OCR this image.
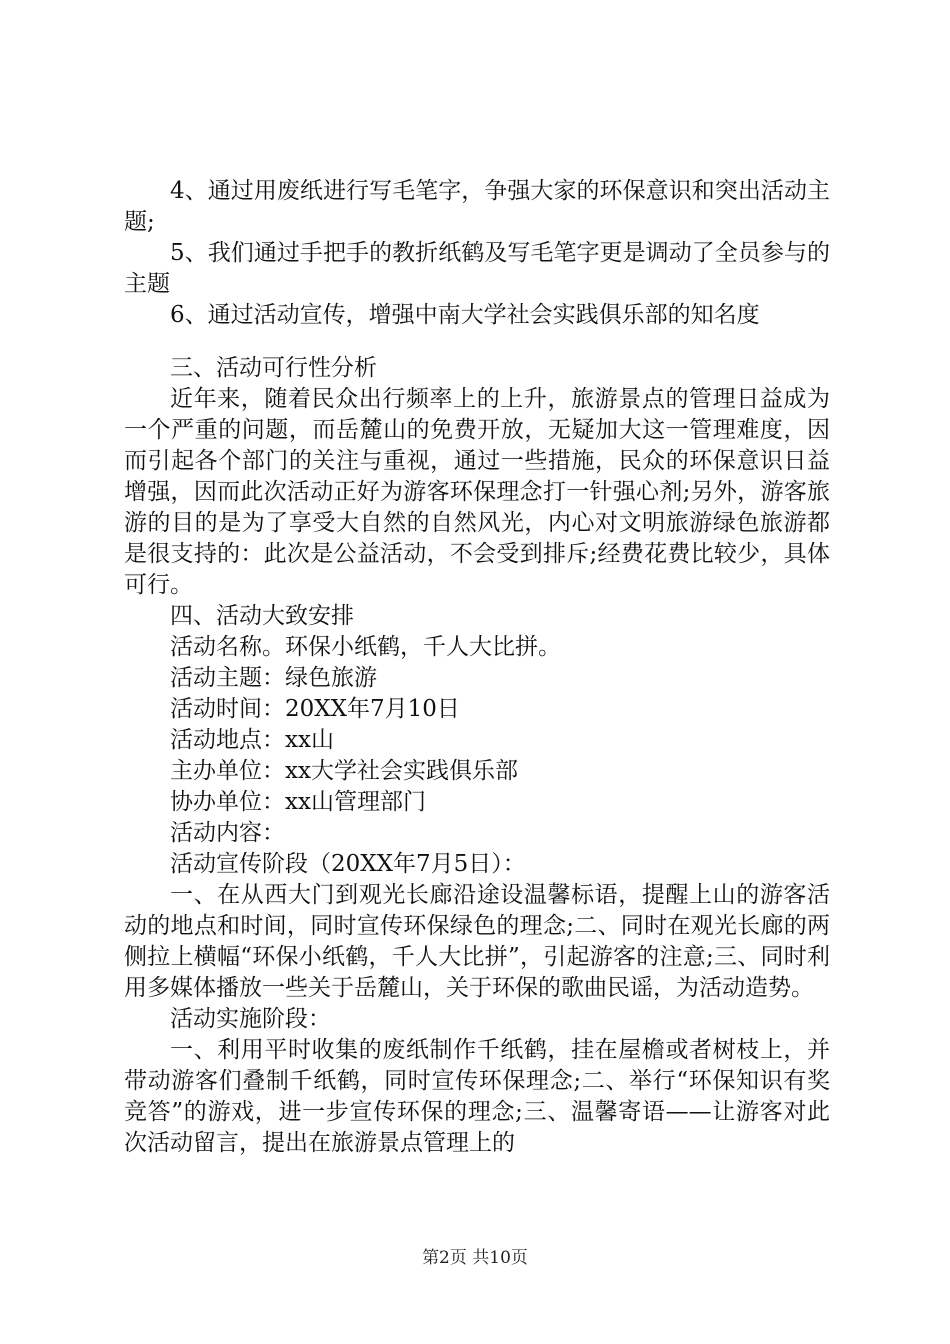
4、通过用废纸进行写毛笔字，争强大家的环保意识和突出活动主题;

5、我们通过手把手的教折纸鹤及写毛笔字更是调动了全员参与的主题

6、通过活动宣传，增强中南大学社会实践俱乐部的知名度

三、活动可行性分析

近年来，随着民众出行频率上的上升，旅游景点的管理日益成为一个严重的问题，而岳麓山的免费开放，无疑加大这一管理难度，因而引起各个部门的关注与重视，通过一些措施，民众的环保意识日益增强，因而此次活动正好为游客环保理念打一针强心剂;另外，游客旅游的目的是为了享受大自然的自然风光，内心对文明旅游绿色旅游都是很支持的：此次是公益活动，不会受到排斥;经费花费比较少，具体可行。

四、活动大致安排

活动名称。环保小纸鹤，千人大比拼。

活动主题：绿色旅游

活动时间：20XX年7月10日

活动地点：xx山

主办单位：xx大学社会实践俱乐部

协办单位：xx山管理部门

活动内容：

活动宣传阶段（20XX年7月5日）：

一、在从西大门到观光长廊沿途设温馨标语，提醒上山的游客活动的地点和时间，同时宣传环保绿色的理念;二、同时在观光长廊的两侧拉上横幅“环保小纸鹤，千人大比拼”，引起游客的注意;三、同时利用多媒体播放一些关于岳麓山，关于环保的歌曲民谣，为活动造势。

活动实施阶段：

一、利用平时收集的废纸制作千纸鹤，挂在屋檐或者树枝上，并带动游客们叠制千纸鹤，同时宣传环保理念;二、举行“环保知识有奖竞答”的游戏，进一步宣传环保的理念;三、温馨寄语——让游客对此次活动留言，提出在旅游景点管理上的

第2页 共10页
